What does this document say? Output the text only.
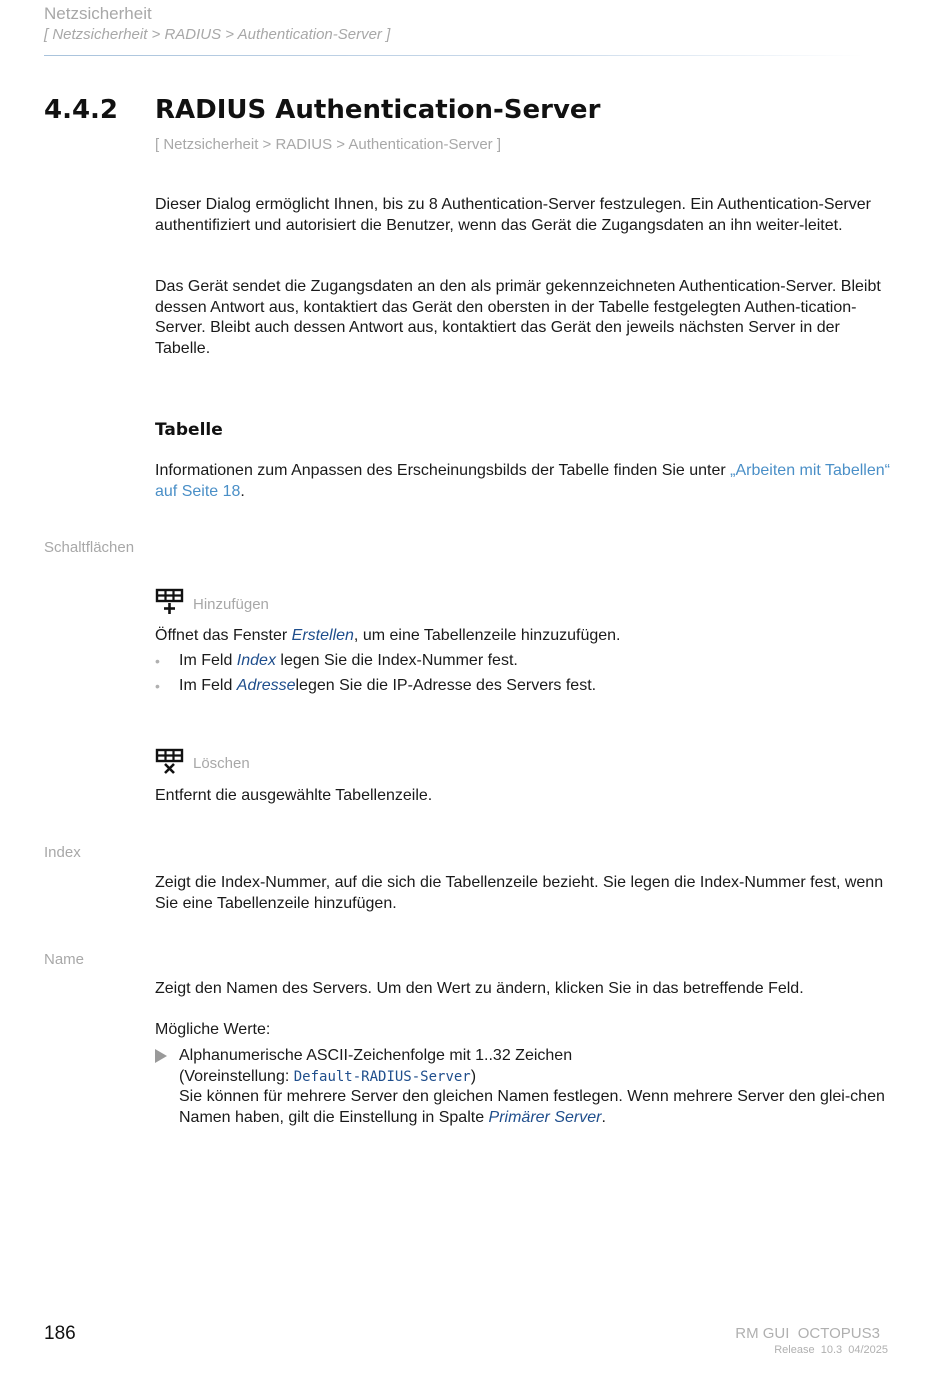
Netzsicherheit
[ Netzsicherheit > RADIUS > Authentication-Server ]
4.4.2 RADIUS Authentication-Server
[ Netzsicherheit > RADIUS > Authentication-Server ]
Dieser Dialog ermöglicht Ihnen, bis zu 8 Authentication-Server festzulegen. Ein Authentication-Server authentifiziert und autorisiert die Benutzer, wenn das Gerät die Zugangsdaten an ihn weiter-leitet.
Das Gerät sendet die Zugangsdaten an den als primär gekennzeichneten Authentication-Server. Bleibt dessen Antwort aus, kontaktiert das Gerät den obersten in der Tabelle festgelegten Authen-tication-Server. Bleibt auch dessen Antwort aus, kontaktiert das Gerät den jeweils nächsten Server in der Tabelle.
Tabelle
Informationen zum Anpassen des Erscheinungsbilds der Tabelle finden Sie unter „Arbeiten mit Tabellen“ auf Seite 18.
Schaltflächen
Hinzufügen
Öffnet das Fenster Erstellen, um eine Tabellenzeile hinzuzufügen.
• Im Feld Index legen Sie die Index-Nummer fest.
• Im Feld Adresselegen Sie die IP-Adresse des Servers fest.
Löschen
Entfernt die ausgewählte Tabellenzeile.
Index
Zeigt die Index-Nummer, auf die sich die Tabellenzeile bezieht. Sie legen die Index-Nummer fest, wenn Sie eine Tabellenzeile hinzufügen.
Name
Zeigt den Namen des Servers. Um den Wert zu ändern, klicken Sie in das betreffende Feld.
Mögliche Werte:
Alphanumerische ASCII-Zeichenfolge mit 1..32 Zeichen
(Voreinstellung: Default-RADIUS-Server)
Sie können für mehrere Server den gleichen Namen festlegen. Wenn mehrere Server den glei-chen Namen haben, gilt die Einstellung in Spalte Primärer Server.
186	RM GUI  OCTOPUS3
Release  10.3  04/2025
